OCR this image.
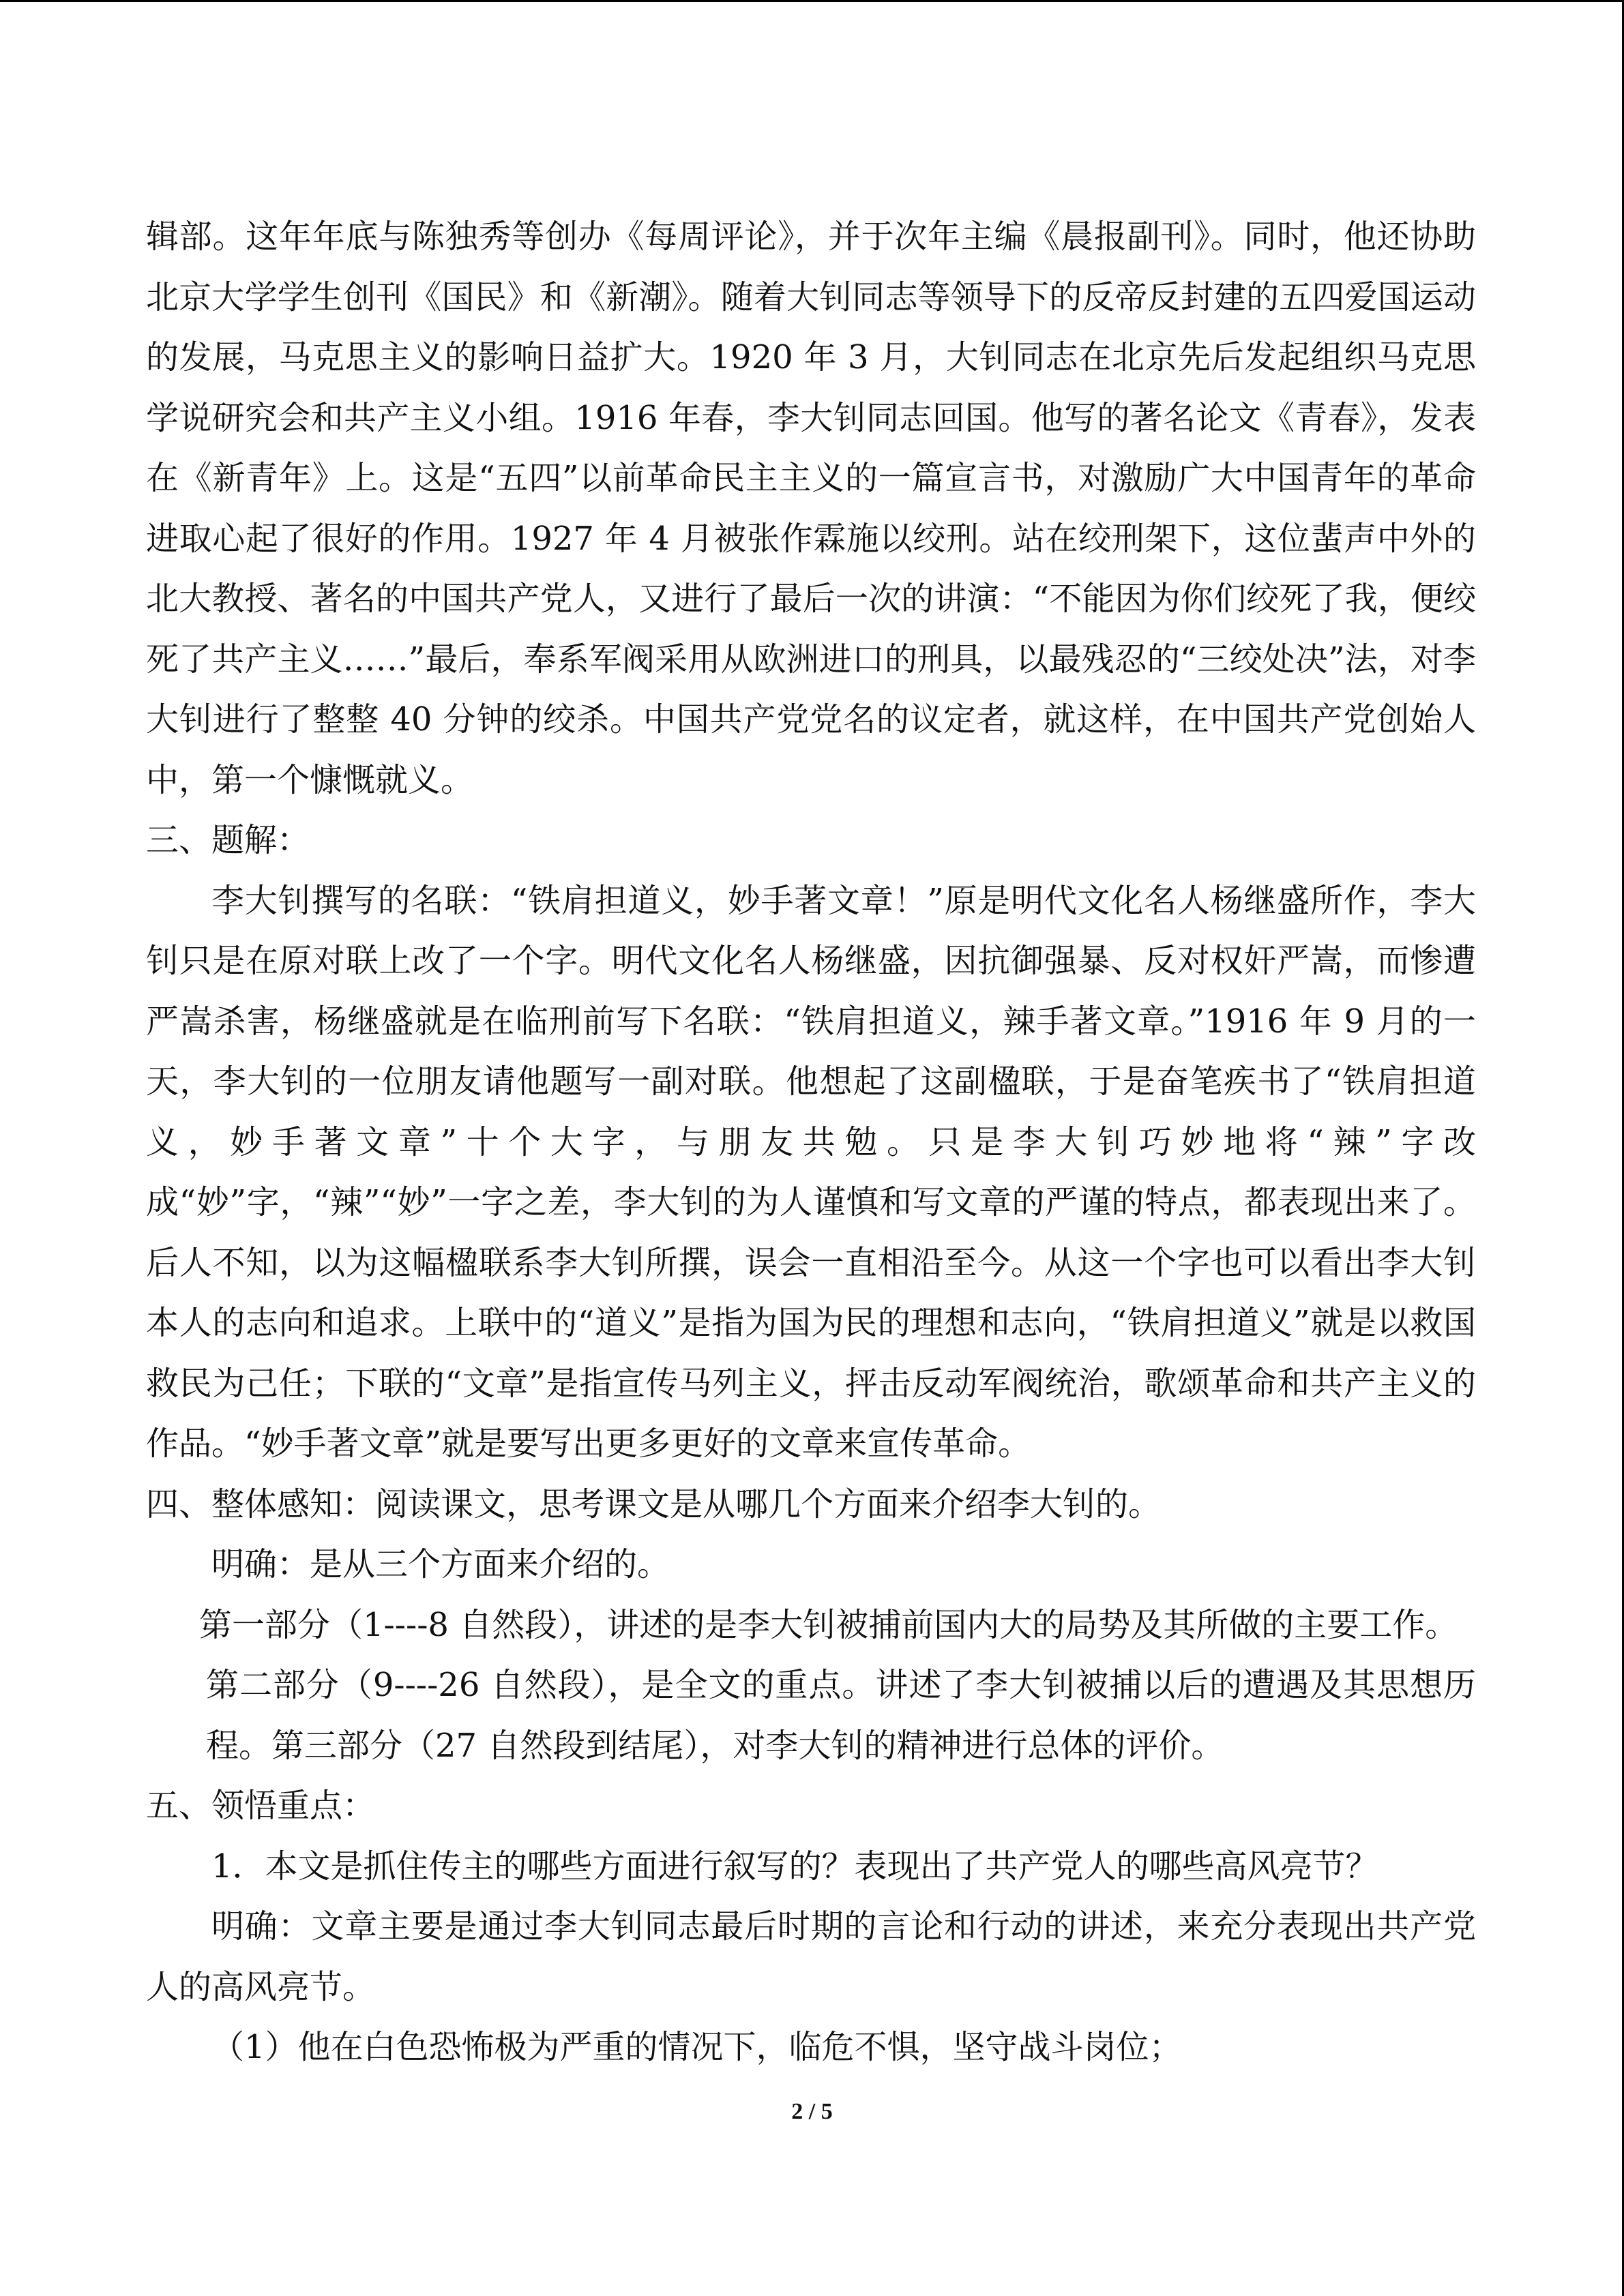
辑部。这年年底与陈独秀等创办《每周评论》，并于次年主编《晨报副刊》。同时，他还协助北京大学学生创刊《国民》和《新潮》。随着大钊同志等领导下的反帝反封建的五四爱国运动的发展，马克思主义的影响日益扩大。1920 年 3 月，大钊同志在北京先后发起组织马克思学说研究会和共产主义小组。1916 年春，李大钊同志回国。他写的著名论文《青春》，发表在《新青年》上。这是“五四”以前革命民主主义的一篇宣言书，对激励广大中国青年的革命进取心起了很好的作用。1927 年 4 月被张作霖施以绞刑。站在绞刑架下，这位蜚声中外的北大教授、著名的中国共产党人，又进行了最后一次的讲演：“不能因为你们绞死了我，便绞死了共产主义……”最后，奉系军阀采用从欧洲进口的刑具，以最残忍的“三绞处决”法，对李大钊进行了整整 40 分钟的绞杀。中国共产党党名的议定者，就这样，在中国共产党创始人中，第一个慷慨就义。

三、题解：

李大钊撰写的名联：“铁肩担道义，妙手著文章！”原是明代文化名人杨继盛所作，李大钊只是在原对联上改了一个字。明代文化名人杨继盛，因抗御强暴、反对权奸严嵩，而惨遭严嵩杀害，杨继盛就是在临刑前写下名联：“铁肩担道义，辣手著文章。”1916 年 9 月的一天，李大钊的一位朋友请他题写一副对联。他想起了这副楹联，于是奋笔疾书了“铁肩担道义，妙手著文章”十个大字，与朋友共勉。只是李大钊巧妙地将“辣”字改成“妙”字，“辣”“妙”一字之差，李大钊的为人谨慎和写文章的严谨的特点，都表现出来了。后人不知，以为这幅楹联系李大钊所撰，误会一直相沿至今。从这一个字也可以看出李大钊本人的志向和追求。上联中的“道义”是指为国为民的理想和志向，“铁肩担道义”就是以救国救民为己任；下联的“文章”是指宣传马列主义，抨击反动军阀统治，歌颂革命和共产主义的作品。“妙手著文章”就是要写出更多更好的文章来宣传革命。

四、整体感知：阅读课文，思考课文是从哪几个方面来介绍李大钊的。

明确：是从三个方面来介绍的。

第一部分（1----8 自然段），讲述的是李大钊被捕前国内大的局势及其所做的主要工作。

第二部分（9----26 自然段），是全文的重点。讲述了李大钊被捕以后的遭遇及其思想历程。第三部分（27 自然段到结尾），对李大钊的精神进行总体的评价。

五、领悟重点：

1．本文是抓住传主的哪些方面进行叙写的？表现出了共产党人的哪些高风亮节？

明确：文章主要是通过李大钊同志最后时期的言论和行动的讲述，来充分表现出共产党人的高风亮节。

（1）他在白色恐怖极为严重的情况下，临危不惧，坚守战斗岗位；

2 / 5
